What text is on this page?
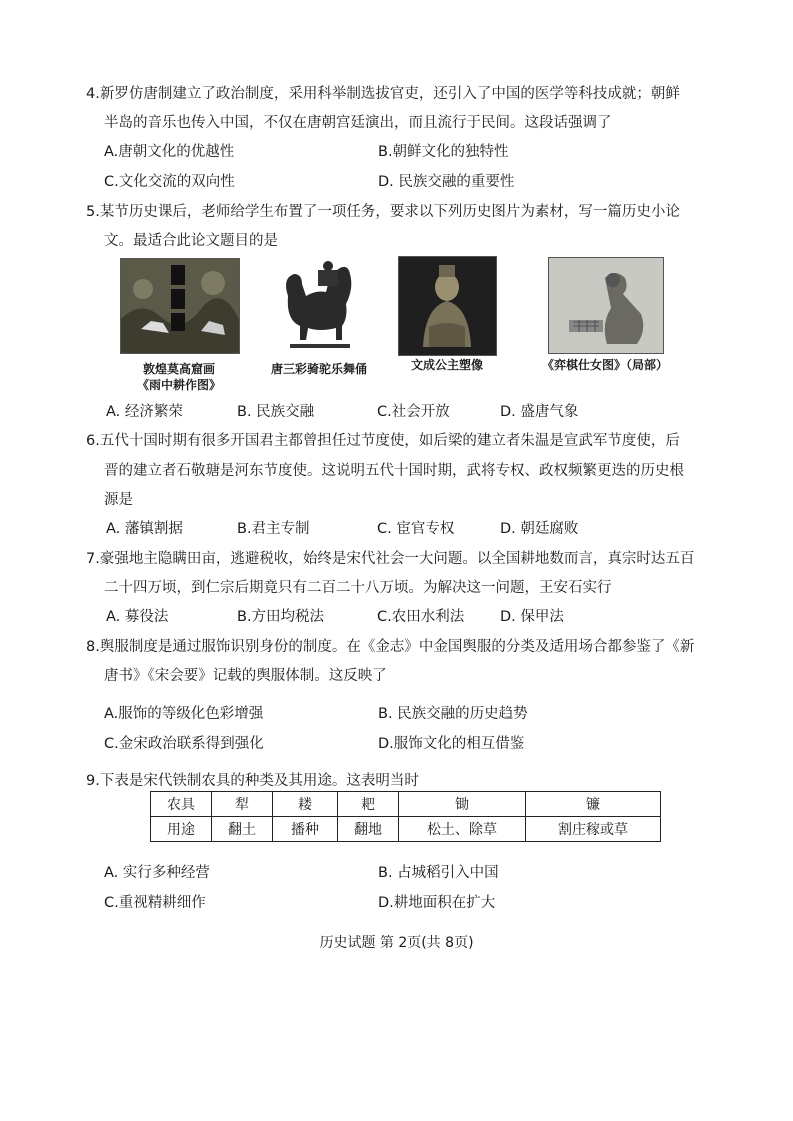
4.新罗仿唐制建立了政治制度，采用科举制选拔官吏，还引入了中国的医学等科技成就；朝鲜
半岛的音乐也传入中国，不仅在唐朝宫廷演出，而且流行于民间。这段话强调了
A.唐朝文化的优越性	B.朝鲜文化的独特性
C.文化交流的双向性	D. 民族交融的重要性
5.某节历史课后，老师给学生布置了一项任务，要求以下列历史图片为素材，写一篇历史小论
文。最适合此论文题目的是
敦煌莫高窟画
《雨中耕作图》
唐三彩骑驼乐舞俑	文成公主塑像	《弈棋仕女图》（局部）
A. 经济繁荣	B. 民族交融	C.社会开放	D. 盛唐气象
6.五代十国时期有很多开国君主都曾担任过节度使，如后梁的建立者朱温是宣武军节度使，后
晋的建立者石敬瑭是河东节度使。这说明五代十国时期，武将专权、政权频繁更迭的历史根
源是
A. 藩镇割据	B.君主专制	C. 宦官专权	D. 朝廷腐败
7.豪强地主隐瞒田亩，逃避税收，始终是宋代社会一大问题。以全国耕地数而言，真宗时达五百
二十四万顷，到仁宗后期竟只有二百二十八万顷。为解决这一问题，王安石实行
A. 募役法	B.方田均税法	C.农田水利法 D. 保甲法
8.舆服制度是通过服饰识别身份的制度。在《金志》中金国舆服的分类及适用场合都参鉴了《新
唐书》《宋会要》记载的舆服体制。这反映了
A.服饰的等级化色彩增强	B. 民族交融的历史趋势
C.金宋政治联系得到强化	D.服饰文化的相互借鉴
9.下表是宋代铁制农具的种类及其用途。这表明当时
农具	犁	耧	耙	锄	镰
用途	翻土	播种	翻地	松土、除草	割庄稼或草
A. 实行多种经营	B. 占城稻引入中国
C.重视精耕细作	D.耕地面积在扩大
历史试题 第 2页(共 8页)
